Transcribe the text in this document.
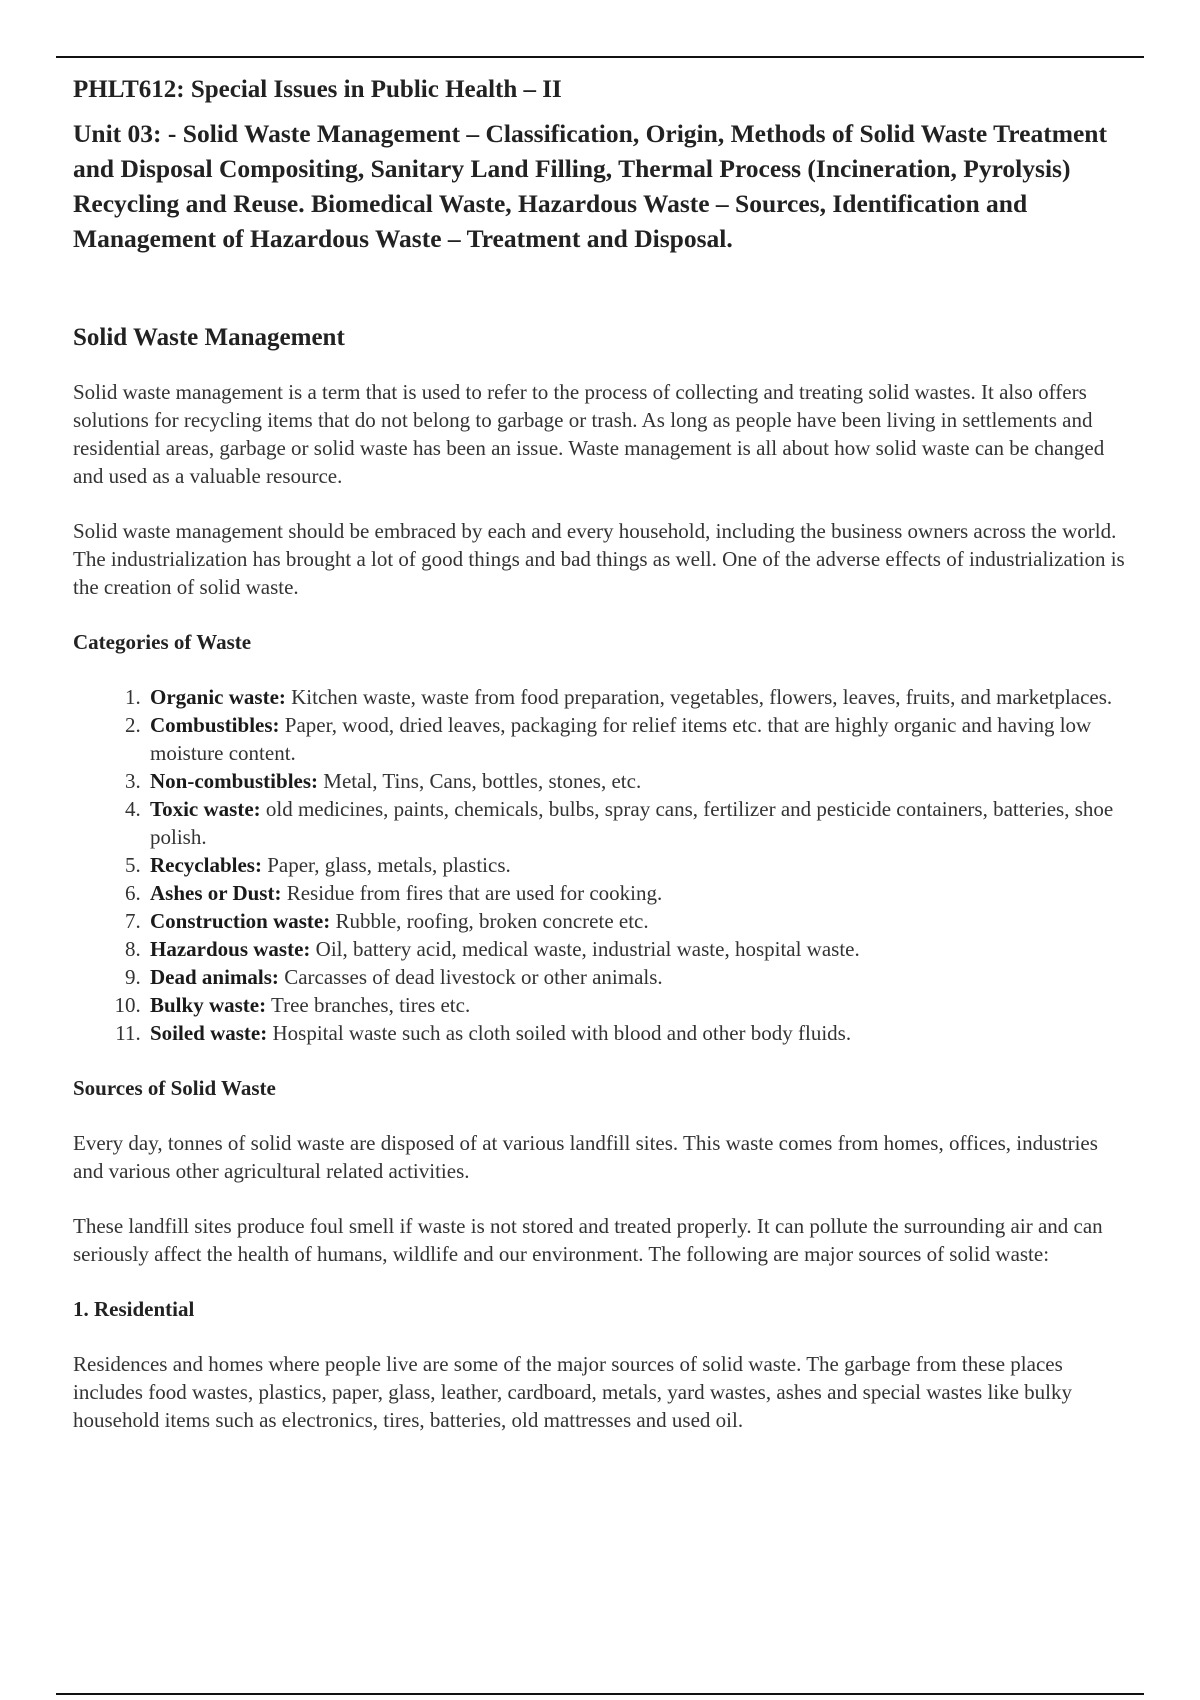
PHLT612: Special Issues in Public Health – II
Unit 03: - Solid Waste Management – Classification, Origin, Methods of Solid Waste Treatment and Disposal Compositing, Sanitary Land Filling, Thermal Process (Incineration, Pyrolysis) Recycling and Reuse. Biomedical Waste, Hazardous Waste – Sources, Identification and Management of Hazardous Waste – Treatment and Disposal.
Solid Waste Management

Solid waste management is a term that is used to refer to the process of collecting and treating solid wastes. It also offers solutions for recycling items that do not belong to garbage or trash. As long as people have been living in settlements and residential areas, garbage or solid waste has been an issue. Waste management is all about how solid waste can be changed and used as a valuable resource.

Solid waste management should be embraced by each and every household, including the business owners across the world. The industrialization has brought a lot of good things and bad things as well. One of the adverse effects of industrialization is the creation of solid waste.

Categories of Waste
1. Organic waste: Kitchen waste, waste from food preparation, vegetables, flowers, leaves, fruits, and marketplaces.
2. Combustibles: Paper, wood, dried leaves, packaging for relief items etc. that are highly organic and having low moisture content.
3. Non-combustibles: Metal, Tins, Cans, bottles, stones, etc.
4. Toxic waste: old medicines, paints, chemicals, bulbs, spray cans, fertilizer and pesticide containers, batteries, shoe polish.
5. Recyclables: Paper, glass, metals, plastics.
6. Ashes or Dust: Residue from fires that are used for cooking.
7. Construction waste: Rubble, roofing, broken concrete etc.
8. Hazardous waste: Oil, battery acid, medical waste, industrial waste, hospital waste.
9. Dead animals: Carcasses of dead livestock or other animals.
10. Bulky waste: Tree branches, tires etc.
11. Soiled waste: Hospital waste such as cloth soiled with blood and other body fluids.
Sources of Solid Waste

Every day, tonnes of solid waste are disposed of at various landfill sites. This waste comes from homes, offices, industries and various other agricultural related activities.

These landfill sites produce foul smell if waste is not stored and treated properly. It can pollute the surrounding air and can seriously affect the health of humans, wildlife and our environment. The following are major sources of solid waste:

1. Residential

Residences and homes where people live are some of the major sources of solid waste. The garbage from these places includes food wastes, plastics, paper, glass, leather, cardboard, metals, yard wastes, ashes and special wastes like bulky household items such as electronics, tires, batteries, old mattresses and used oil.
